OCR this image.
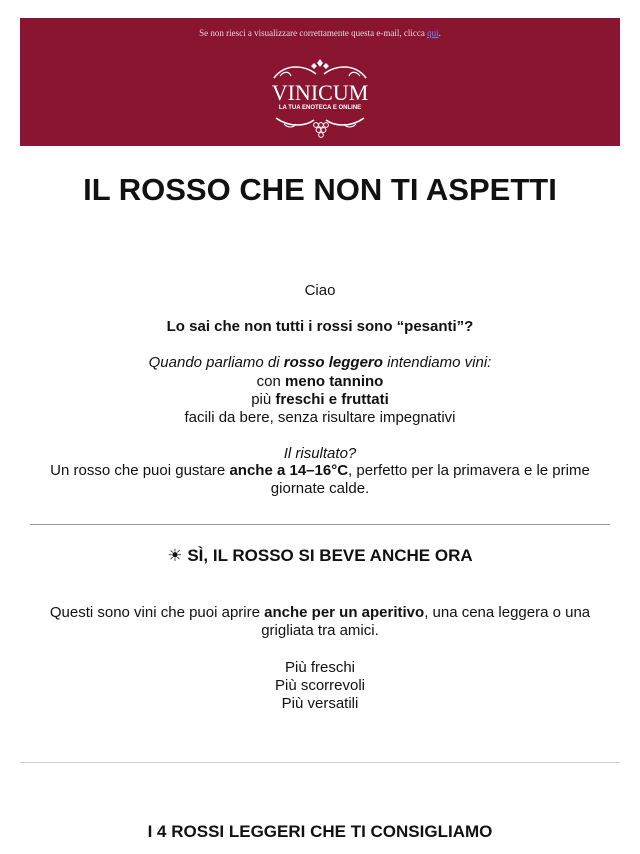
Se non riesci a visualizzare correttamente questa e-mail, clicca qui.
VINICUM
LA TUA ENOTECA E ONLINE
IL ROSSO CHE NON TI ASPETTI
Ciao
Lo sai che non tutti i rossi sono “pesanti”?
Quando parliamo di rosso leggero intendiamo vini:
con meno tannino
più freschi e fruttati
facili da bere, senza risultare impegnativi
Il risultato?
Un rosso che puoi gustare anche a 14–16°C, perfetto per la primavera e le prime giornate calde.
☀ SÌ, IL ROSSO SI BEVE ANCHE ORA
Questi sono vini che puoi aprire anche per un aperitivo, una cena leggera o una grigliata tra amici.
Più freschi
Più scorrevoli
Più versatili
I 4 ROSSI LEGGERI CHE TI CONSIGLIAMO
